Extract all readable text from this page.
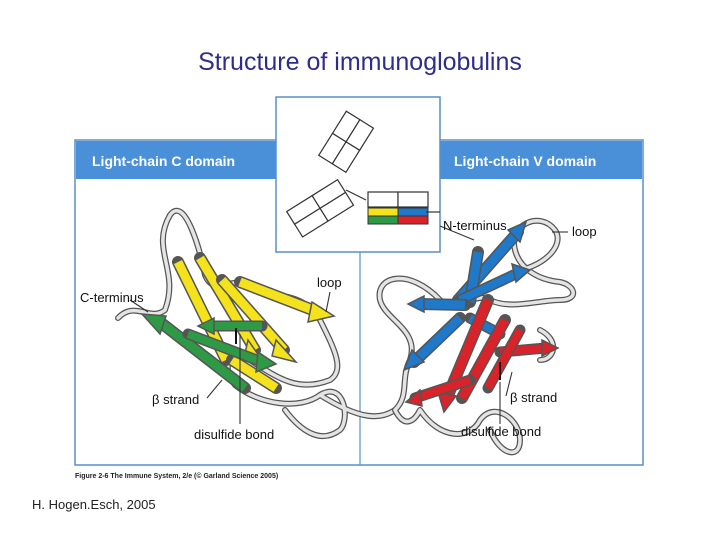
Structure of immunoglobulins
Light-chain C domain	Light-chain V domain
C-terminus
loop
β strand
disulfide bond
N-terminus	loop
β strand
disulfide bond
Figure 2-6 The Immune System, 2/e (© Garland Science 2005)
H. Hogen.Esch, 2005
